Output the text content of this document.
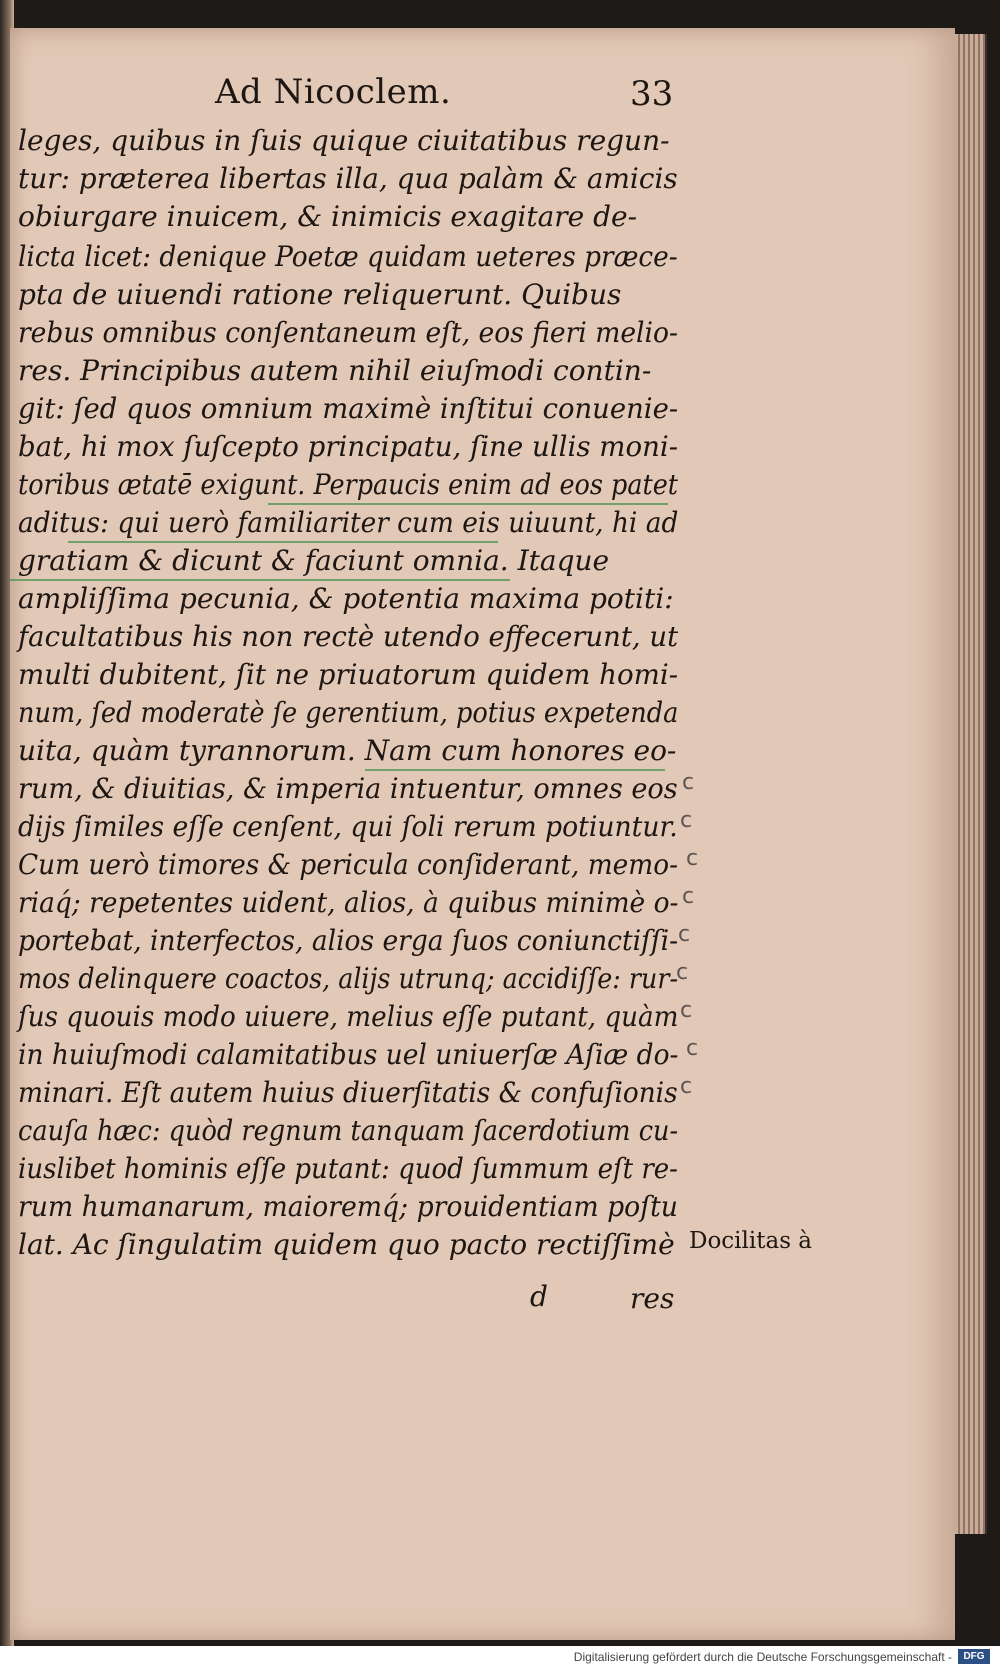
Ad Nicoclem.	33
leges, quibus in ſuis quique ciuitatibus regun-
tur: præterea libertas illa, qua palàm & amicis
obiurgare inuicem, & inimicis exagitare de-
licta licet: denique Poetæ quidam ueteres præce-
pta de uiuendi ratione reliquerunt. Quibus
rebus omnibus conſentaneum eſt, eos fieri melio-
res. Principibus autem nihil eiuſmodi contin-
git: ſed quos omnium maximè inſtitui conuenie-
bat, hi mox ſuſcepto principatu, ſine ullis moni-
toribus ætatē exigunt. Perpaucis enim ad eos patet
aditus: qui uerò familiariter cum eis uiuunt, hi ad
gratiam & dicunt & faciunt omnia. Itaque
ampliſſima pecunia, & potentia maxima potiti:
facultatibus his non rectè utendo effecerunt, ut
multi dubitent, ſit ne priuatorum quidem homi-
num, ſed moderatè ſe gerentium, potius expetenda
uita, quàm tyrannorum. Nam cum honores eo-
rum, & diuitias, & imperia intuentur, omnes eos
dijs ſimiles eſſe cenſent, qui ſoli rerum potiuntur.
Cum uerò timores & pericula conſiderant, memo-
riaq́; repetentes uident, alios, à quibus minimè o-
portebat, interfectos, alios erga ſuos coniunctiſſi-
mos delinquere coactos, alijs utrunq; accidiſſe: rur-
ſus quouis modo uiuere, melius eſſe putant, quàm
in huiuſmodi calamitatibus uel uniuerſæ Aſiæ do-
minari. Eſt autem huius diuerſitatis & confuſionis
cauſa hæc: quòd regnum tanquam ſacerdotium cu-
iuslibet hominis eſſe putant: quod ſummum eſt re-
rum humanarum, maioremq́; prouidentiam poſtu
lat. Ac ſingulatim quidem quo pacto rectiſſimè
c
c
c
c
c
c
c
c
c
Docilitas à
d	res
Digitalisierung gefördert durch die Deutsche Forschungsgemeinschaft -	DFG
